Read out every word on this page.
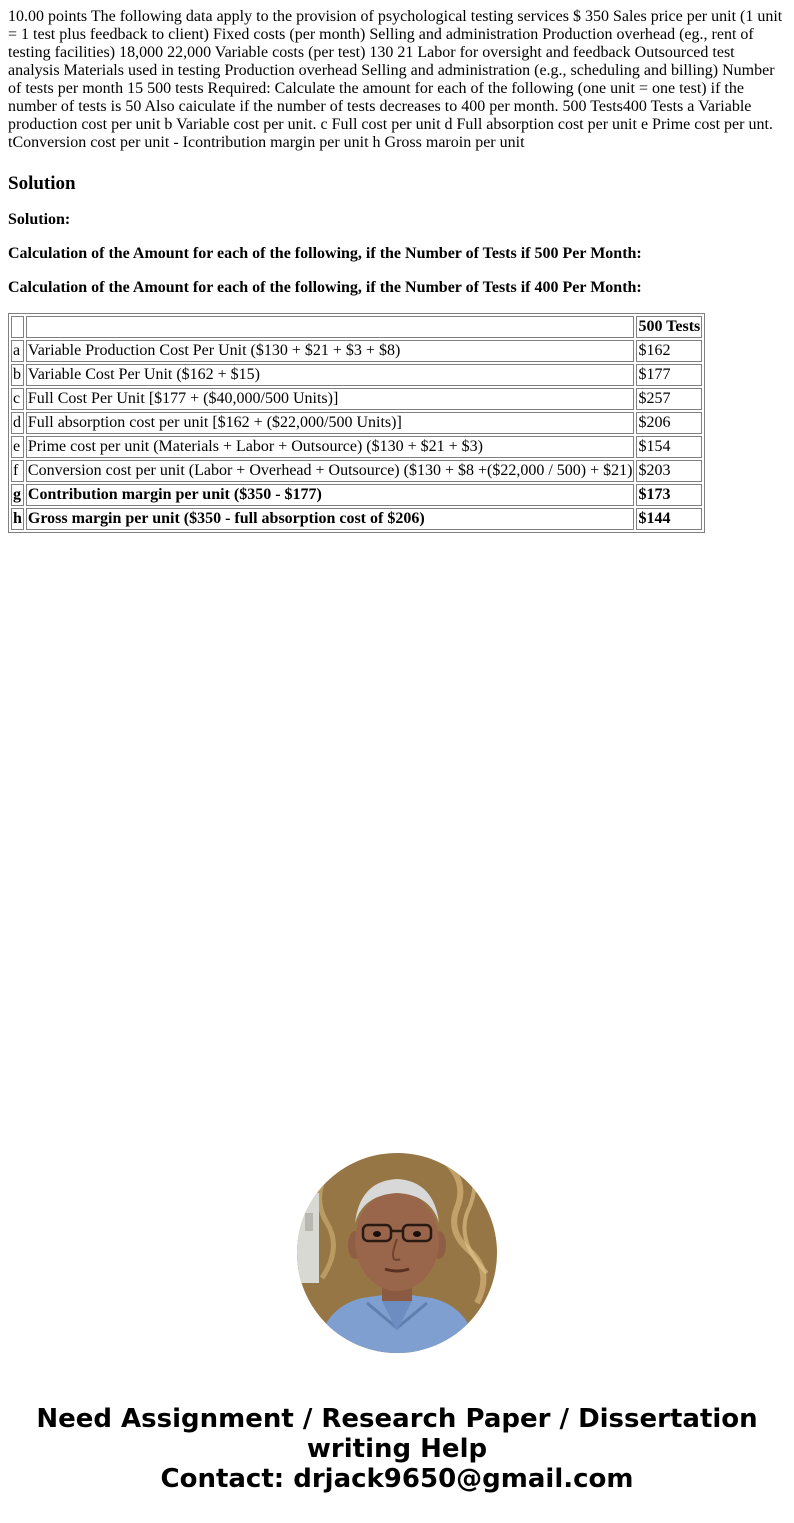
10.00 points The following data apply to the provision of psychological testing services $ 350 Sales price per unit (1 unit = 1 test plus feedback to client) Fixed costs (per month) Selling and administration Production overhead (eg., rent of testing facilities) 18,000 22,000 Variable costs (per test) 130 21 Labor for oversight and feedback Outsourced test analysis Materials used in testing Production overhead Selling and administration (e.g., scheduling and billing) Number of tests per month 15 500 tests Required: Calculate the amount for each of the following (one unit = one test) if the number of tests is 50 Also caiculate if the number of tests decreases to 400 per month. 500 Tests400 Tests a Variable production cost per unit b Variable cost per unit. c Full cost per unit d Full absorption cost per unit e Prime cost per unt. tConversion cost per unit - Icontribution margin per unit h Gross maroin per unit

Solution
Solution:
Calculation of the Amount for each of the following, if the Number of Tests if 500 Per Month:
Calculation of the Amount for each of the following, if the Number of Tests if 400 Per Month:
		500 Tests
a	Variable Production Cost Per Unit ($130 + $21 + $3 + $8)	$162
b	Variable Cost Per Unit ($162 + $15)	$177
c	Full Cost Per Unit [$177 + ($40,000/500 Units)]	$257
d	Full absorption cost per unit [$162 + ($22,000/500 Units)]	$206
e	Prime cost per unit (Materials + Labor + Outsource) ($130 + $21 + $3)	$154
f	Conversion cost per unit (Labor + Overhead + Outsource) ($130 + $8 +($22,000 / 500) + $21)	$203
g	Contribution margin per unit ($350 - $177)	$173
h	Gross margin per unit ($350 - full absorption cost of $206)	$144
Need Assignment / Research Paper / Dissertation
writing Help
Contact: drjack9650@gmail.com
